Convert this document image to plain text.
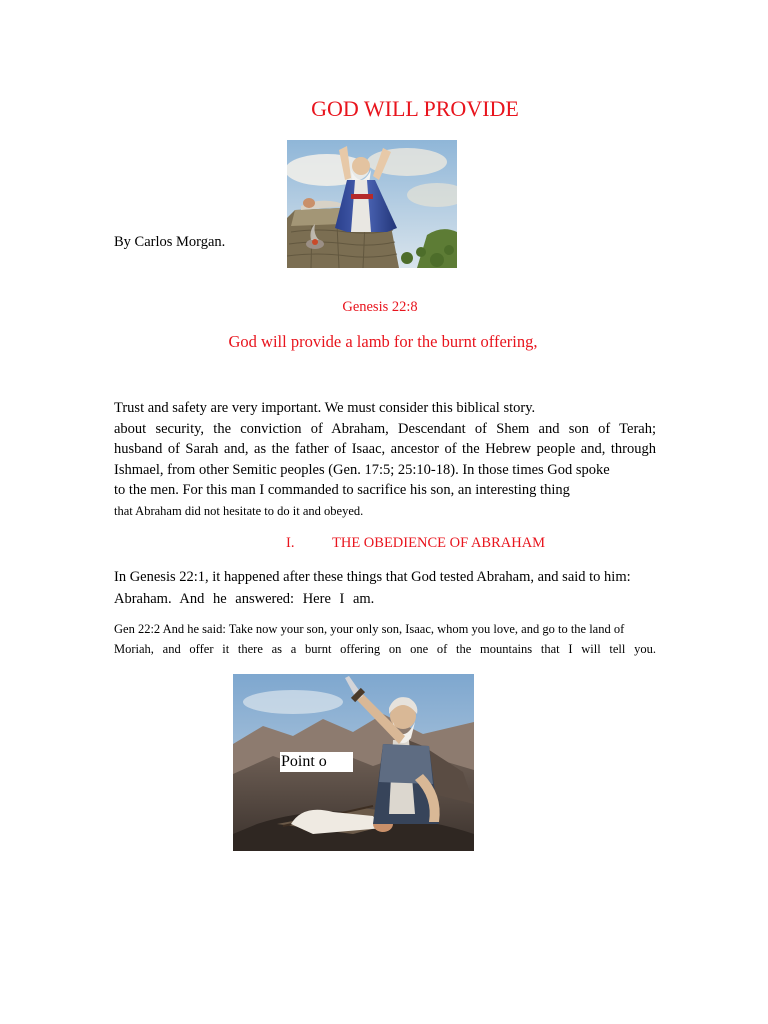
GOD WILL PROVIDE
By Carlos Morgan.
Genesis 22:8
God will provide a lamb for the burnt offering,
Trust and safety are very important. We must consider this biblical story.
about security, the conviction of Abraham, Descendant of Shem and son of Terah;
husband of Sarah and, as the father of Isaac, ancestor of the Hebrew people and, through
Ishmael, from other Semitic peoples (Gen. 17:5; 25:10-18). In those times God spoke
to the men. For this man I commanded to sacrifice his son, an interesting thing
that Abraham did not hesitate to do it and obeyed.
I.	THE OBEDIENCE OF ABRAHAM
In Genesis 22:1, it happened after these things that God tested Abraham, and said to him:
Abraham. And he answered: Here I am.
Gen 22:2 And he said: Take now your son, your only son, Isaac, whom you love, and go to the land of
Moriah, and offer it there as a burnt offering on one of the mountains that I will tell you.
Point o
